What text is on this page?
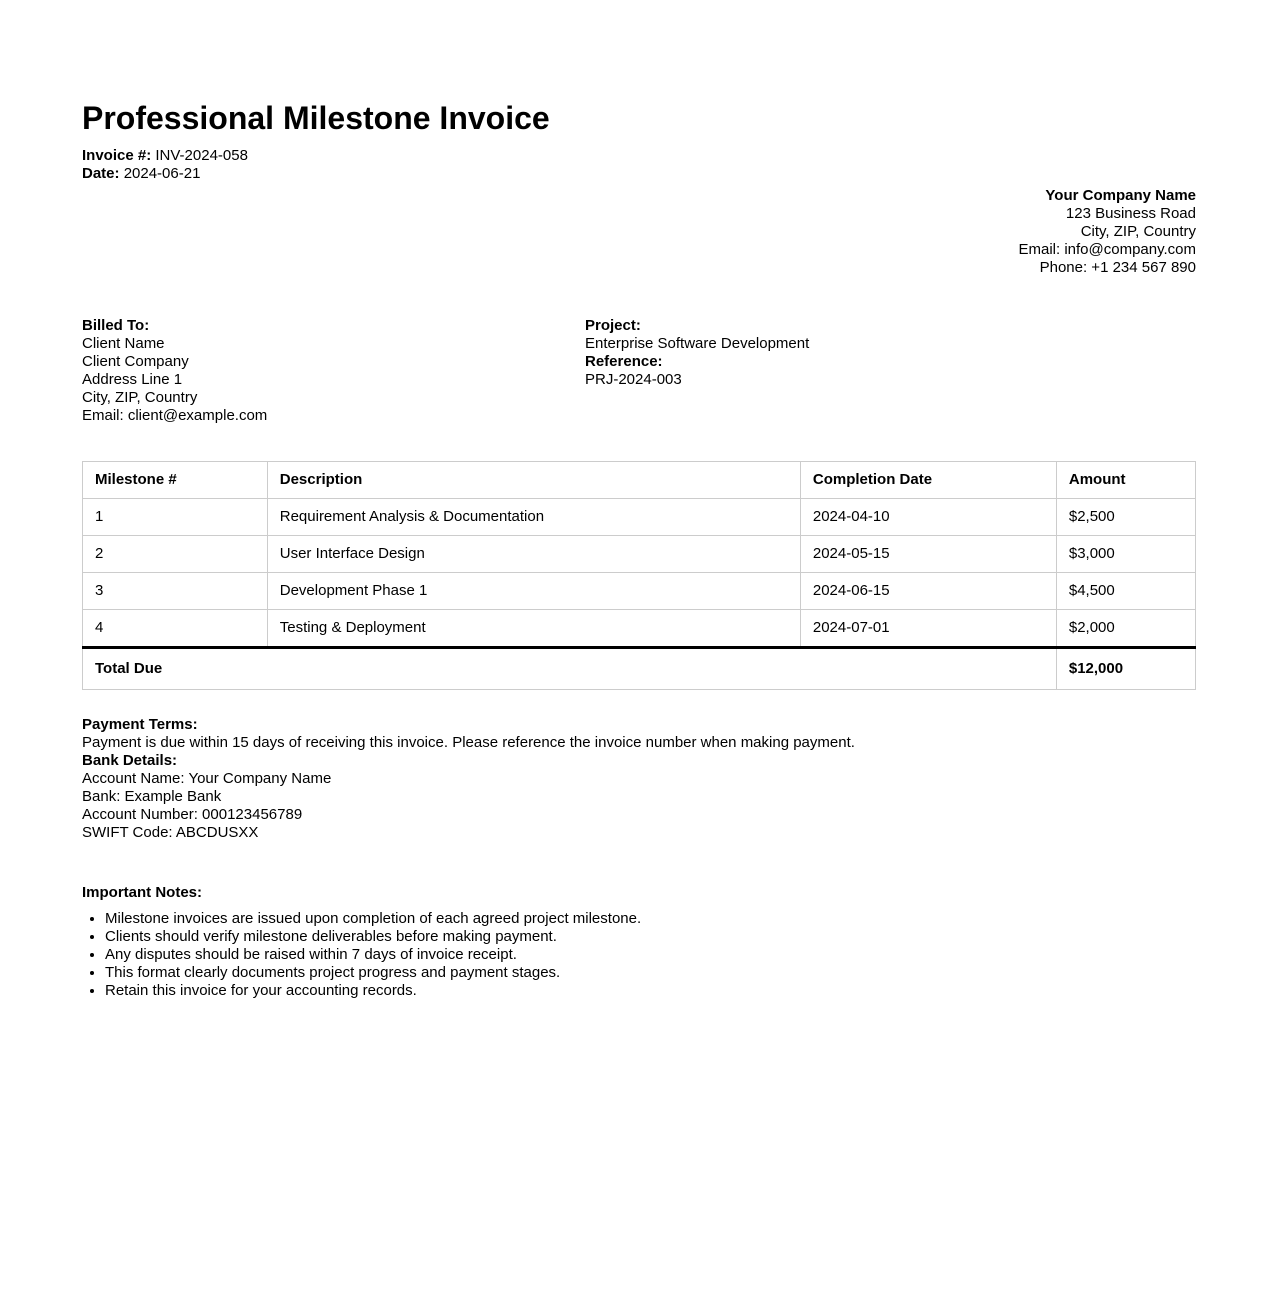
Professional Milestone Invoice
Invoice #: INV-2024-058
Date: 2024-06-21
Your Company Name
123 Business Road
City, ZIP, Country
Email: info@company.com
Phone: +1 234 567 890
Billed To:
Client Name
Client Company
Address Line 1
City, ZIP, Country
Email: client@example.com
Project:
Enterprise Software Development
Reference:
PRJ-2024-003
Milestone #	Description	Completion Date	Amount
1	Requirement Analysis & Documentation	2024-04-10	$2,500
2	User Interface Design	2024-05-15	$3,000
3	Development Phase 1	2024-06-15	$4,500
4	Testing & Deployment	2024-07-01	$2,000
Total Due			$12,000
Payment Terms:
Payment is due within 15 days of receiving this invoice. Please reference the invoice number when making payment.
Bank Details:
Account Name: Your Company Name
Bank: Example Bank
Account Number: 000123456789
SWIFT Code: ABCDUSXX
Important Notes:
• Milestone invoices are issued upon completion of each agreed project milestone.
• Clients should verify milestone deliverables before making payment.
• Any disputes should be raised within 7 days of invoice receipt.
• This format clearly documents project progress and payment stages.
• Retain this invoice for your accounting records.
